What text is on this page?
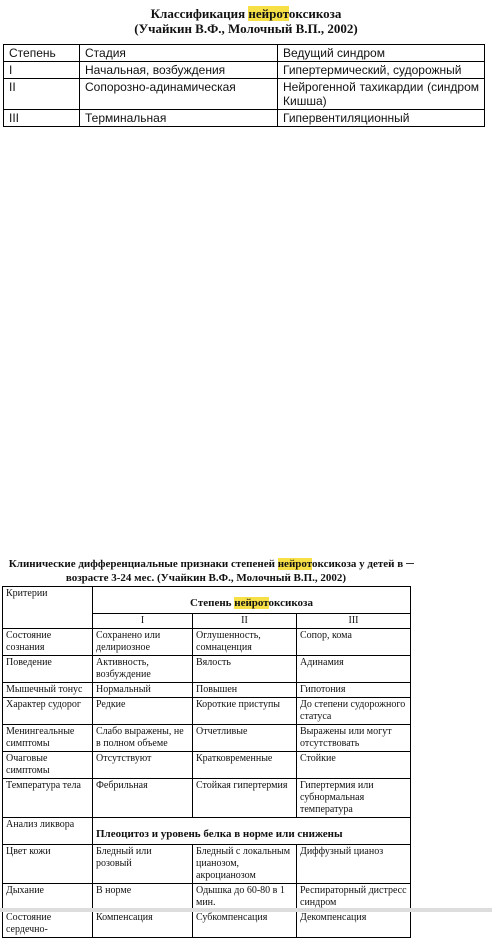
Классификация нейротоксикоза
(Учайкин В.Ф., Молочный В.П., 2002)
Степень	Стадия	Ведущий синдром
I	Начальная, возбуждения	Гипертермический, судорожный
II	Сопорозно-адинамическая	Нейрогенной тахикардии (синдром Кишша)
III	Терминальная	Гипервентиляционный
Клинические дифференциальные признаки степеней нейротоксикоза у детей в
возрасте 3-24 мес. (Учайкин В.Ф., Молочный В.П., 2002)
Критерии	Степень нейротоксикоза		
	I	II	III
Состояние сознания	Сохранено или делириозное	Оглушенность, сомнаценция	Сопор, кома
Поведение	Активность, возбуждение	Вялость	Адинамия
Мышечный тонус	Нормальный	Повышен	Гипотония
Характер судорог	Редкие	Короткие приступы	До степени судорожного статуса
Менингеальные симптомы	Слабо выражены, не в полном объеме	Отчетливые	Выражены или могут отсутствовать
Очаговые симптомы	Отсутствуют	Кратковременные	Стойкие
Температура тела	Фебрильная	Стойкая гипертермия	Гипертермия или субнормальная температура
Анализ ликвора	Плеоцитоз и уровень белка в норме или снижены		
Цвет кожи	Бледный или розовый	Бледный с локальным цианозом, акроцианозом	Диффузный цианоз
Дыхание	В норме	Одышка до 60-80 в 1 мин.	Респираторный дистресс синдром
Состояние сердечно-	Компенсация	Субкомпенсация	Декомпенсация
